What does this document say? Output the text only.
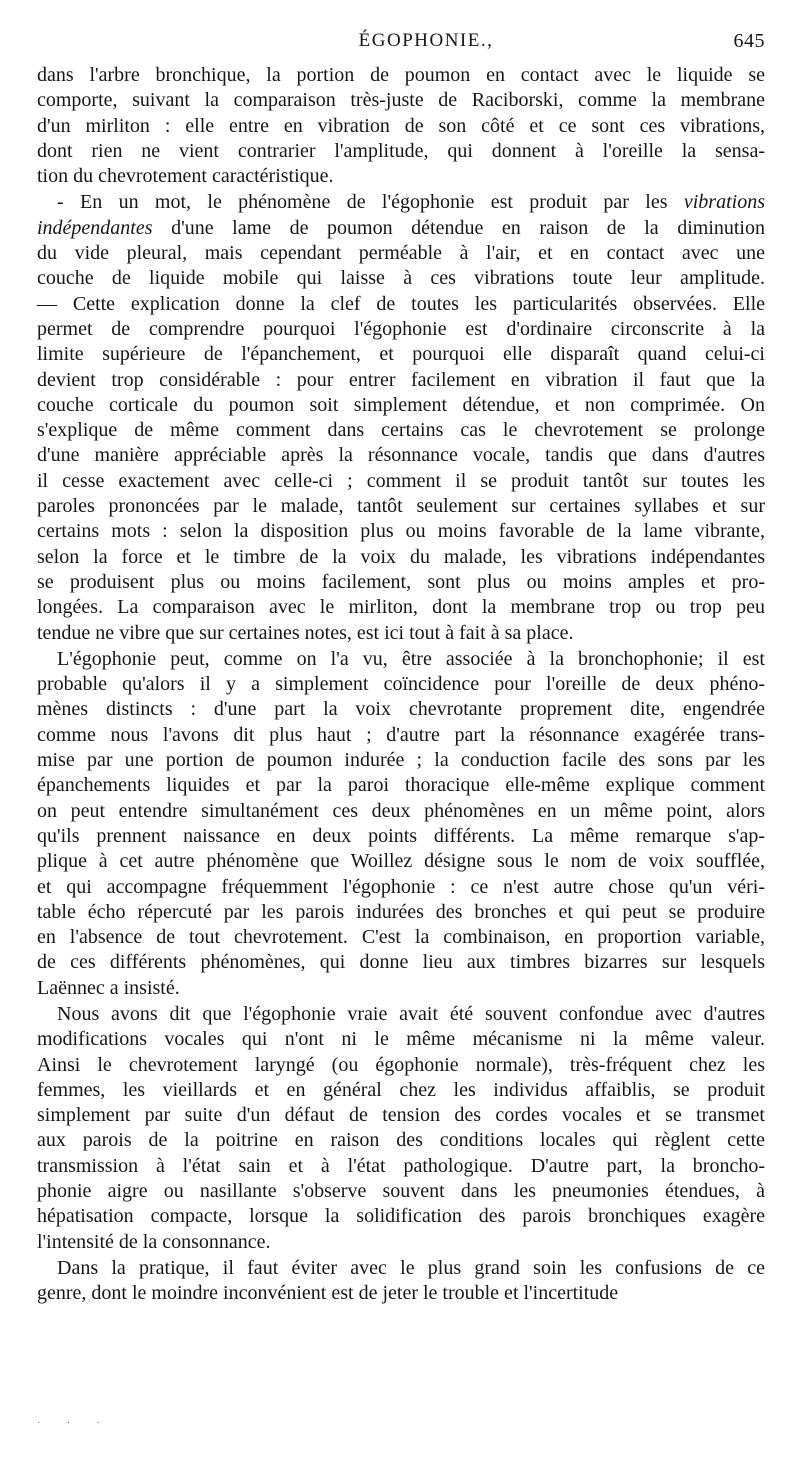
ÉGOPHONIE.,	645
dans l'arbre bronchique, la portion de poumon en contact avec le liquide se
comporte, suivant la comparaison très-juste de Raciborski, comme la membrane
d'un mirliton : elle entre en vibration de son côté et ce sont ces vibrations,
dont rien ne vient contrarier l'amplitude, qui donnent à l'oreille la sensa-
tion du chevrotement caractéristique.
- En un mot, le phénomène de l'égophonie est produit par les vibrations
indépendantes d'une lame de poumon détendue en raison de la diminution
du vide pleural, mais cependant perméable à l'air, et en contact avec une
couche de liquide mobile qui laisse à ces vibrations toute leur amplitude.
— Cette explication donne la clef de toutes les particularités observées. Elle
permet de comprendre pourquoi l'égophonie est d'ordinaire circonscrite à la
limite supérieure de l'épanchement, et pourquoi elle disparaît quand celui-ci
devient trop considérable : pour entrer facilement en vibration il faut que la
couche corticale du poumon soit simplement détendue, et non comprimée. On
s'explique de même comment dans certains cas le chevrotement se prolonge
d'une manière appréciable après la résonnance vocale, tandis que dans d'autres
il cesse exactement avec celle-ci ; comment il se produit tantôt sur toutes les
paroles prononcées par le malade, tantôt seulement sur certaines syllabes et sur
certains mots : selon la disposition plus ou moins favorable de la lame vibrante,
selon la force et le timbre de la voix du malade, les vibrations indépendantes
se produisent plus ou moins facilement, sont plus ou moins amples et pro-
longées. La comparaison avec le mirliton, dont la membrane trop ou trop peu
tendue ne vibre que sur certaines notes, est ici tout à fait à sa place.
L'égophonie peut, comme on l'a vu, être associée à la bronchophonie; il est
probable qu'alors il y a simplement coïncidence pour l'oreille de deux phéno-
mènes distincts : d'une part la voix chevrotante proprement dite, engendrée
comme nous l'avons dit plus haut ; d'autre part la résonnance exagérée trans-
mise par une portion de poumon indurée ; la conduction facile des sons par les
épanchements liquides et par la paroi thoracique elle-même explique comment
on peut entendre simultanément ces deux phénomènes en un même point, alors
qu'ils prennent naissance en deux points différents. La même remarque s'ap-
plique à cet autre phénomène que Woillez désigne sous le nom de voix soufflée,
et qui accompagne fréquemment l'égophonie : ce n'est autre chose qu'un véri-
table écho répercuté par les parois indurées des bronches et qui peut se produire
en l'absence de tout chevrotement. C'est la combinaison, en proportion variable,
de ces différents phénomènes, qui donne lieu aux timbres bizarres sur lesquels
Laënnec a insisté.
Nous avons dit que l'égophonie vraie avait été souvent confondue avec d'autres
modifications vocales qui n'ont ni le même mécanisme ni la même valeur.
Ainsi le chevrotement laryngé (ou égophonie normale), très-fréquent chez les
femmes, les vieillards et en général chez les individus affaiblis, se produit
simplement par suite d'un défaut de tension des cordes vocales et se transmet
aux parois de la poitrine en raison des conditions locales qui règlent cette
transmission à l'état sain et à l'état pathologique. D'autre part, la broncho-
phonie aigre ou nasillante s'observe souvent dans les pneumonies étendues, à
hépatisation compacte, lorsque la solidification des parois bronchiques exagère
l'intensité de la consonnance.
Dans la pratique, il faut éviter avec le plus grand soin les confusions de ce
genre, dont le moindre inconvénient est de jeter le trouble et l'incertitude
· · ·
